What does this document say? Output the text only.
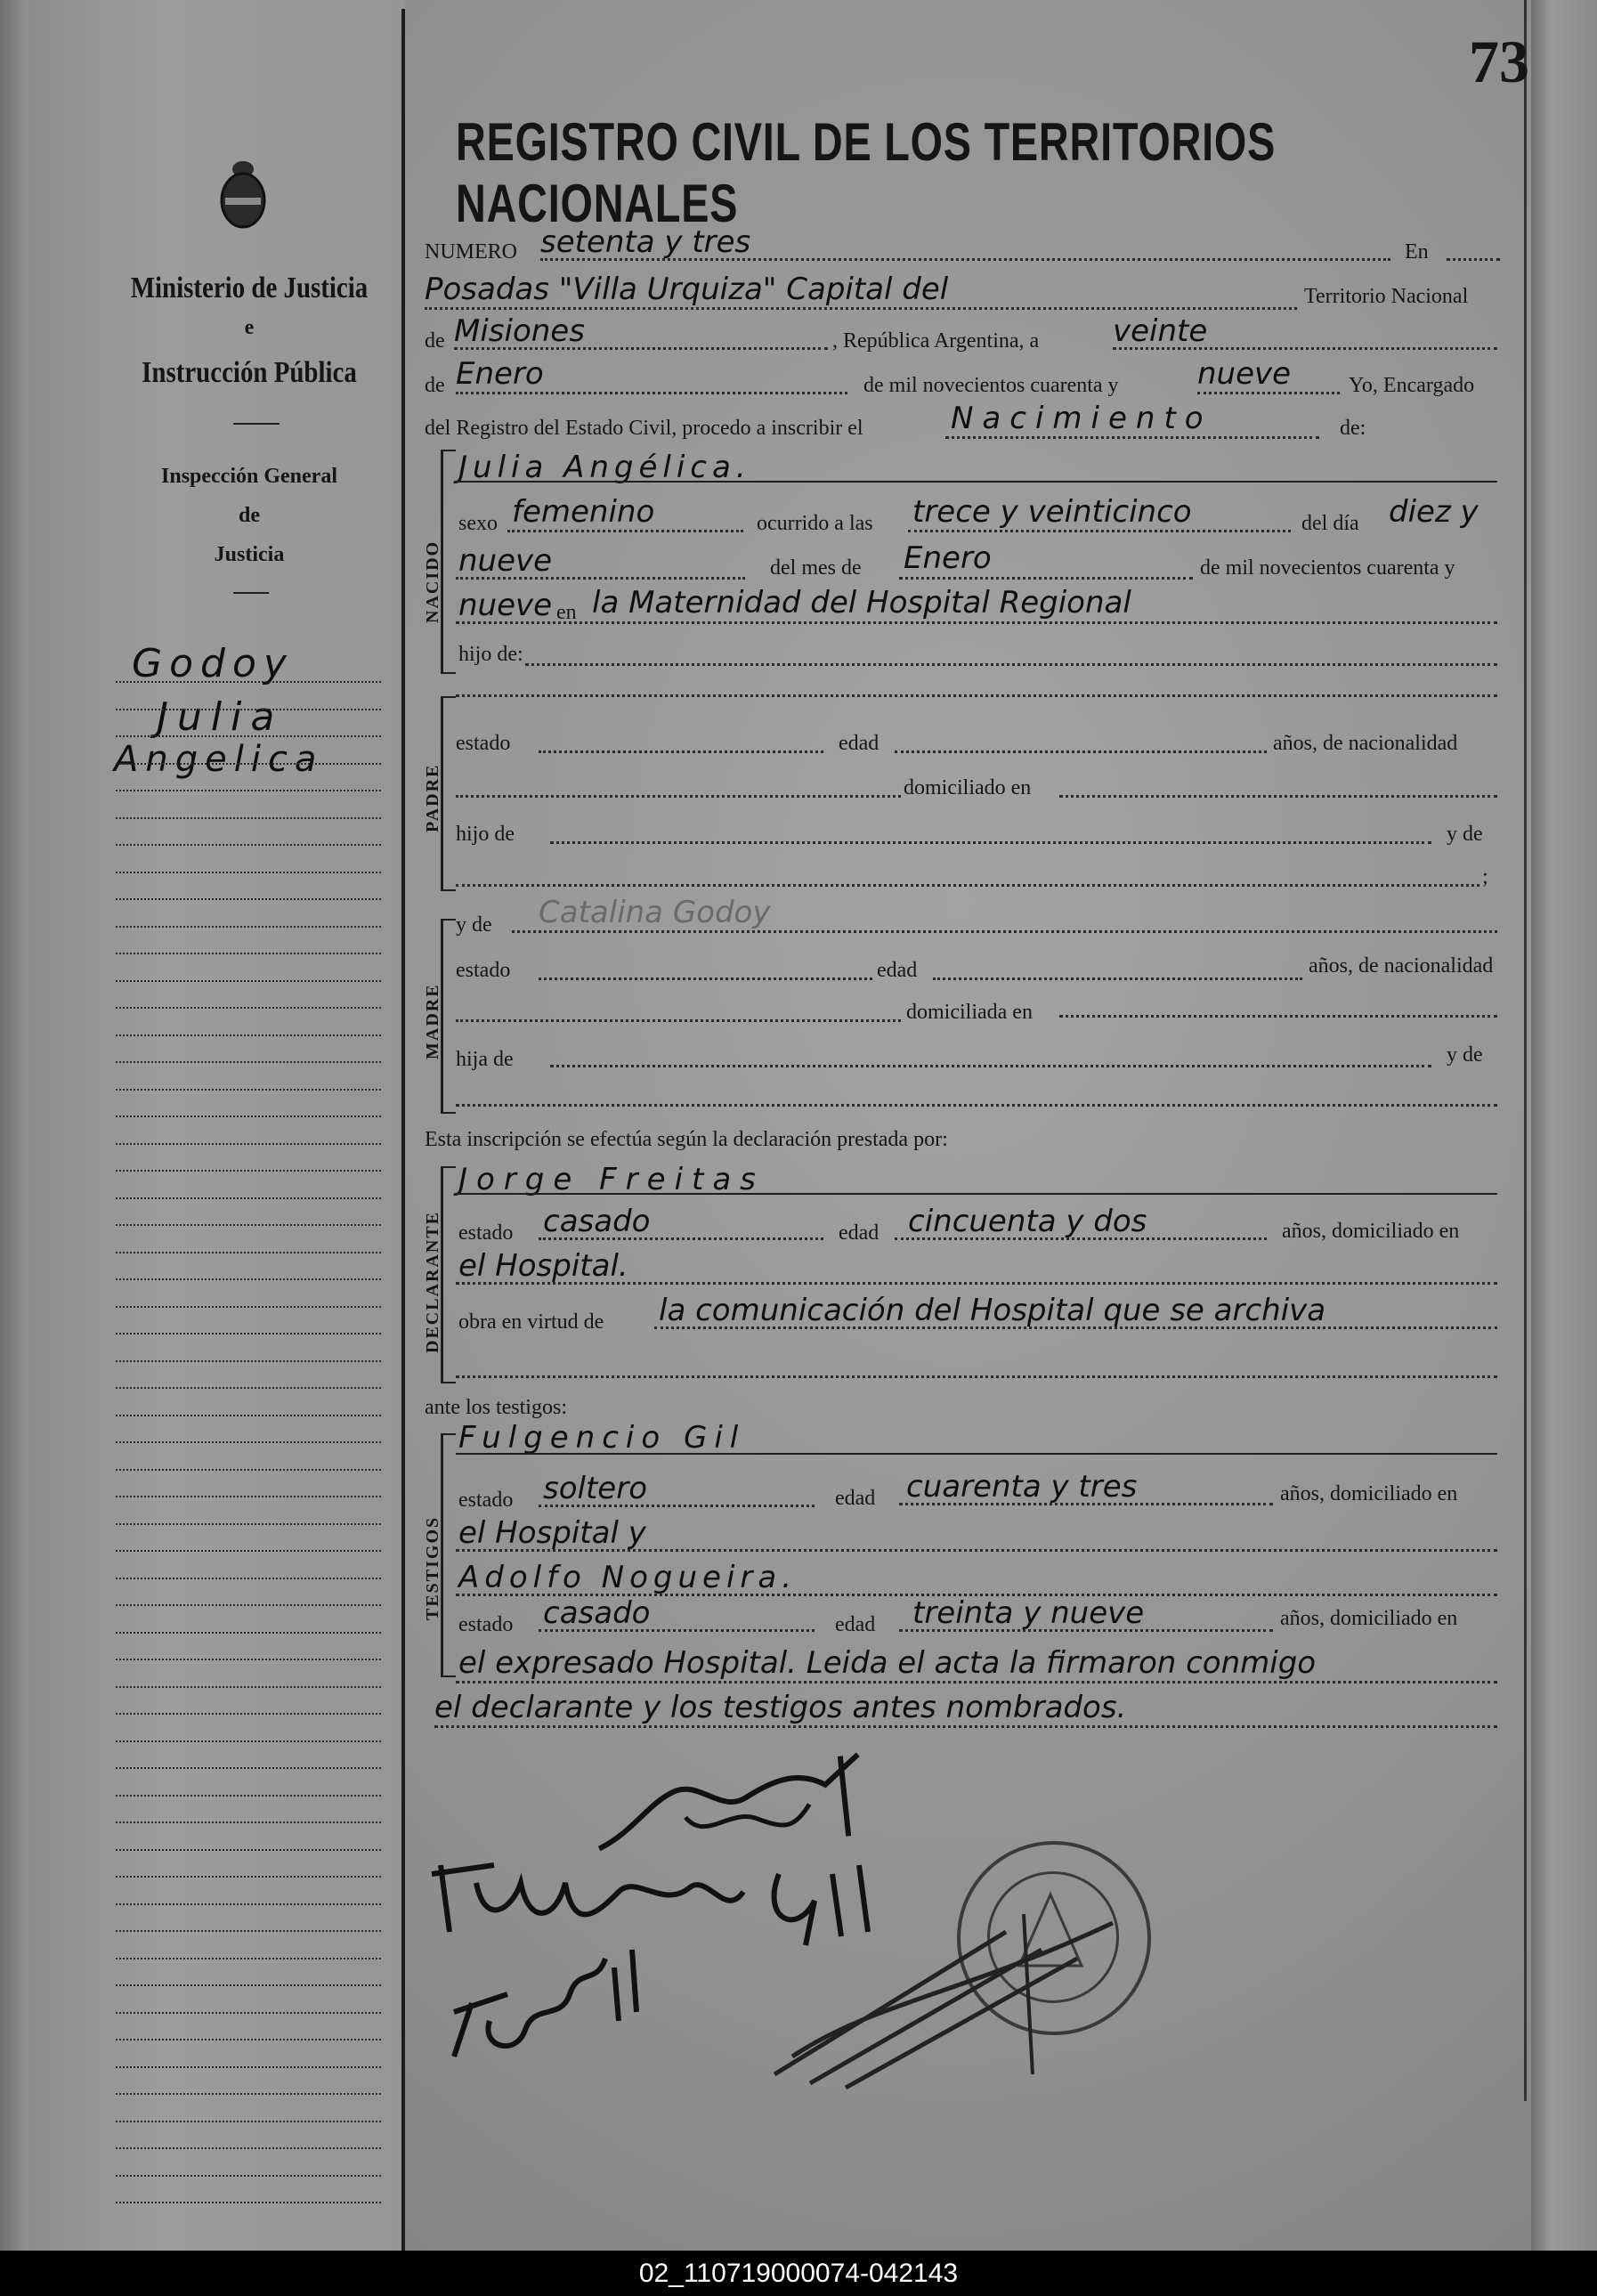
73
REGISTRO CIVIL DE LOS TERRITORIOS NACIONALES
Ministerio de Justicia
e
Instrucción Pública
Inspección General
de
Justicia
Godoy
Julia
Angelica
NUMERO setenta y tres	En
Posadas "Villa Urquiza" Capital del	Territorio Nacional
de Misiones	, República Argentina, a veinte
de Enero	de mil novecientos cuarenta y	nueve	Yo, Encargado
del Registro del Estado Civil, procedo a inscribir el	Nacimiento	de:
NACIDO
Julia Angélica.
sexo femenino	ocurrido a las trece y veinticinco	del día diez y
nueve	del mes de Enero	de mil novecientos cuarenta y
nueve en la Maternidad del Hospital Regional
hijo de:
PADRE
estado	edad	años, de nacionalidad
domiciliado en
hijo de	y de
;
MADRE
y de Catalina Godoy
estado	edad	años, de nacionalidad
domiciliada en
hija de	y de
Esta inscripción se efectúa según la declaración prestada por:
DECLARANTE
Jorge Freitas
estado casado	edad cincuenta y dos	años, domiciliado en
el Hospital.
obra en virtud de la comunicación del Hospital que se archiva
ante los testigos:
TESTIGOS
Fulgencio Gil
estado soltero	edad cuarenta y tres	años, domiciliado en
el Hospital y
Adolfo Nogueira.
estado casado	edad treinta y nueve	años, domiciliado en
el expresado Hospital. Leida el acta la firmaron conmigo
el declarante y los testigos antes nombrados.
02_110719000074-042143
